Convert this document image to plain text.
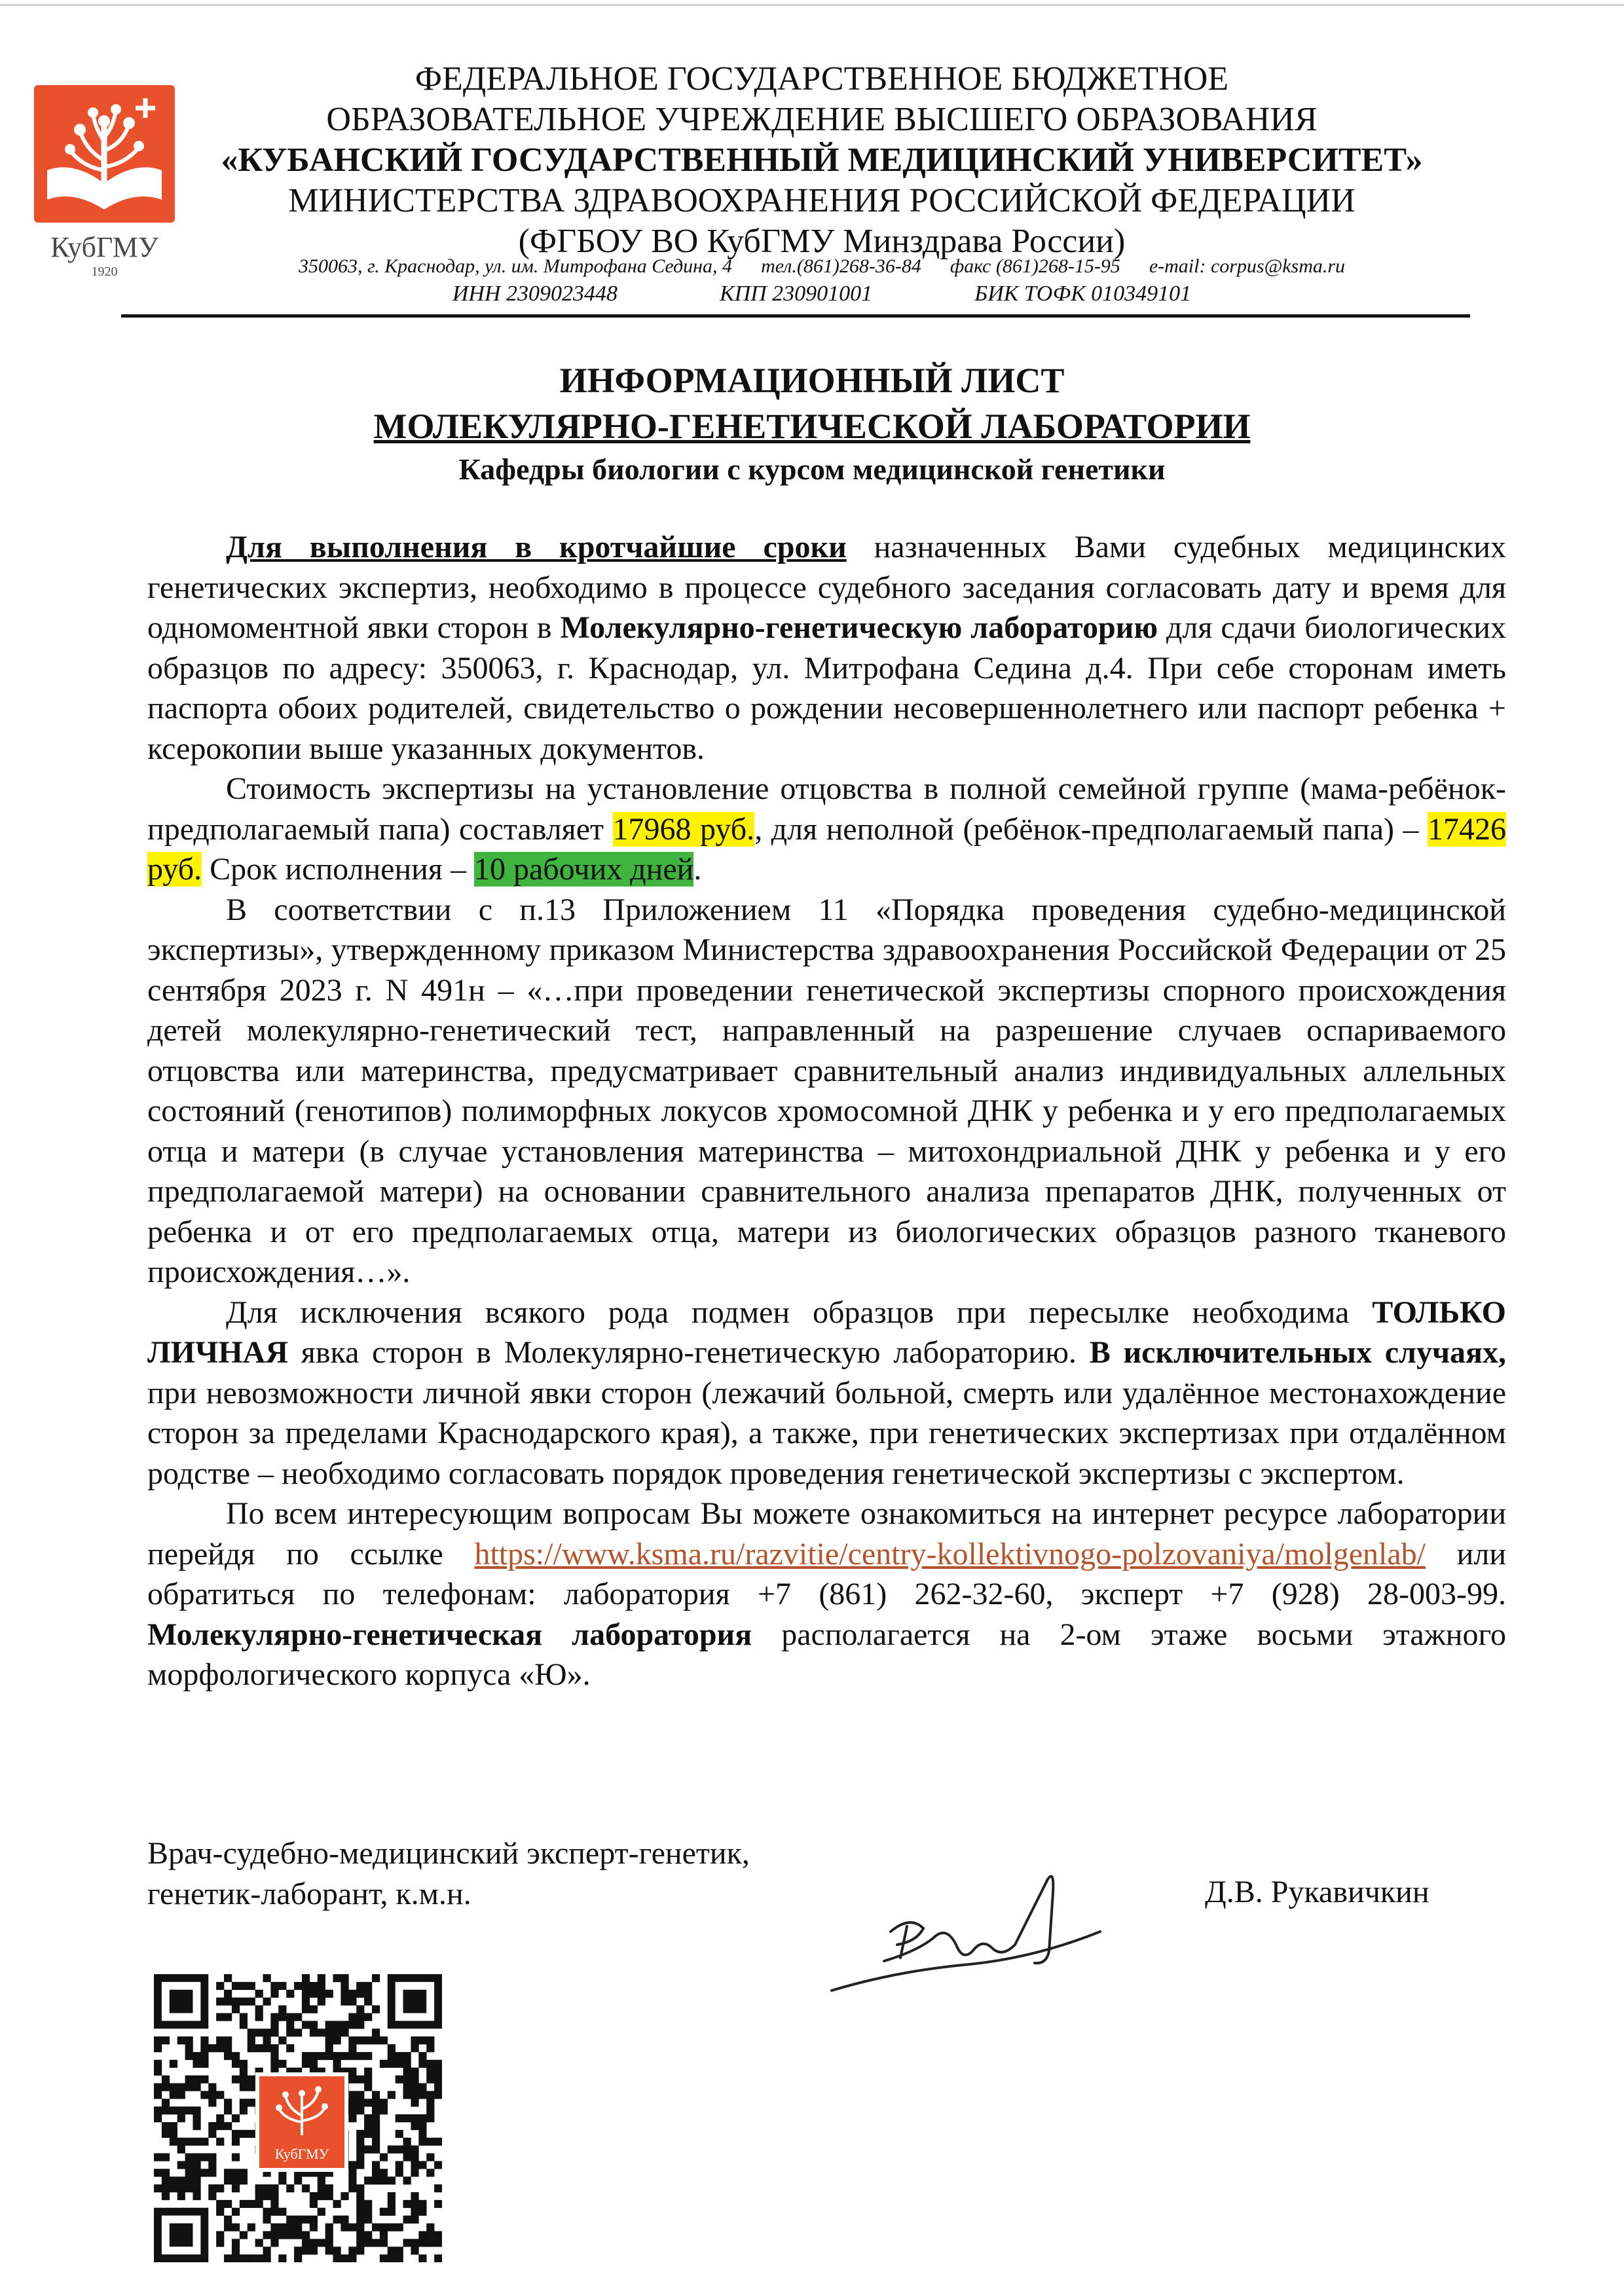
КубГМУ
1920
ФЕДЕРАЛЬНОЕ ГОСУДАРСТВЕННОЕ БЮДЖЕТНОЕ
ОБРАЗОВАТЕЛЬНОЕ УЧРЕЖДЕНИЕ ВЫСШЕГО ОБРАЗОВАНИЯ
«КУБАНСКИЙ ГОСУДАРСТВЕННЫЙ МЕДИЦИНСКИЙ УНИВЕРСИТЕТ»
МИНИСТЕРСТВА ЗДРАВООХРАНЕНИЯ РОССИЙСКОЙ ФЕДЕРАЦИИ
(ФГБОУ ВО КубГМУ Минздрава России)
350063, г. Краснодар, ул. им. Митрофана Седина, 4 тел.(861)268-36-84 факс (861)268-15-95 e-mail: corpus@ksma.ru
ИНН 2309023448	КПП 230901001	БИК ТОФК 010349101
ИНФОРМАЦИОННЫЙ ЛИСТ
МОЛЕКУЛЯРНО-ГЕНЕТИЧЕСКОЙ ЛАБОРАТОРИИ
Кафедры биологии с курсом медицинской генетики

Для выполнения в кротчайшие сроки назначенных Вами судебных медицинских генетических экспертиз, необходимо в процессе судебного заседания согласовать дату и время для одномоментной явки сторон в Молекулярно-генетическую лабораторию для сдачи биологических образцов по адресу: 350063, г. Краснодар, ул. Митрофана Седина д.4. При себе сторонам иметь паспорта обоих родителей, свидетельство о рождении несовершеннолетнего или паспорт ребенка + ксерокопии выше указанных документов.

Стоимость экспертизы на установление отцовства в полной семейной группе (мама-ребёнок-предполагаемый папа) составляет 17968 руб., для неполной (ребёнок-предполагаемый папа) – 17426 руб. Срок исполнения – 10 рабочих дней.

В соответствии с п.13 Приложением 11 «Порядка проведения судебно-медицинской экспертизы», утвержденному приказом Министерства здравоохранения Российской Федерации от 25 сентября 2023 г. N 491н – «…при проведении генетической экспертизы спорного происхождения детей молекулярно-генетический тест, направленный на разрешение случаев оспариваемого отцовства или материнства, предусматривает сравнительный анализ индивидуальных аллельных состояний (генотипов) полиморфных локусов хромосомной ДНК у ребенка и у его предполагаемых отца и матери (в случае установления материнства – митохондриальной ДНК у ребенка и у его предполагаемой матери) на основании сравнительного анализа препаратов ДНК, полученных от ребенка и от его предполагаемых отца, матери из биологических образцов разного тканевого происхождения…».

Для исключения всякого рода подмен образцов при пересылке необходима ТОЛЬКО ЛИЧНАЯ явка сторон в Молекулярно-генетическую лабораторию. В исключительных случаях, при невозможности личной явки сторон (лежачий больной, смерть или удалённое местонахождение сторон за пределами Краснодарского края), а также, при генетических экспертизах при отдалённом родстве – необходимо согласовать порядок проведения генетической экспертизы с экспертом.

По всем интересующим вопросам Вы можете ознакомиться на интернет ресурсе лаборатории перейдя по ссылке https://www.ksma.ru/razvitie/centry-kollektivnogo-polzovaniya/molgenlab/ или обратиться по телефонам: лаборатория +7 (861) 262-32-60, эксперт +7 (928) 28-003-99. Молекулярно-генетическая лаборатория располагается на 2-ом этаже восьми этажного морфологического корпуса «Ю».

Врач-судебно-медицинский эксперт-генетик,
генетик-лаборант, к.м.н.	Д.В. Рукавичкин
КубГМУ
